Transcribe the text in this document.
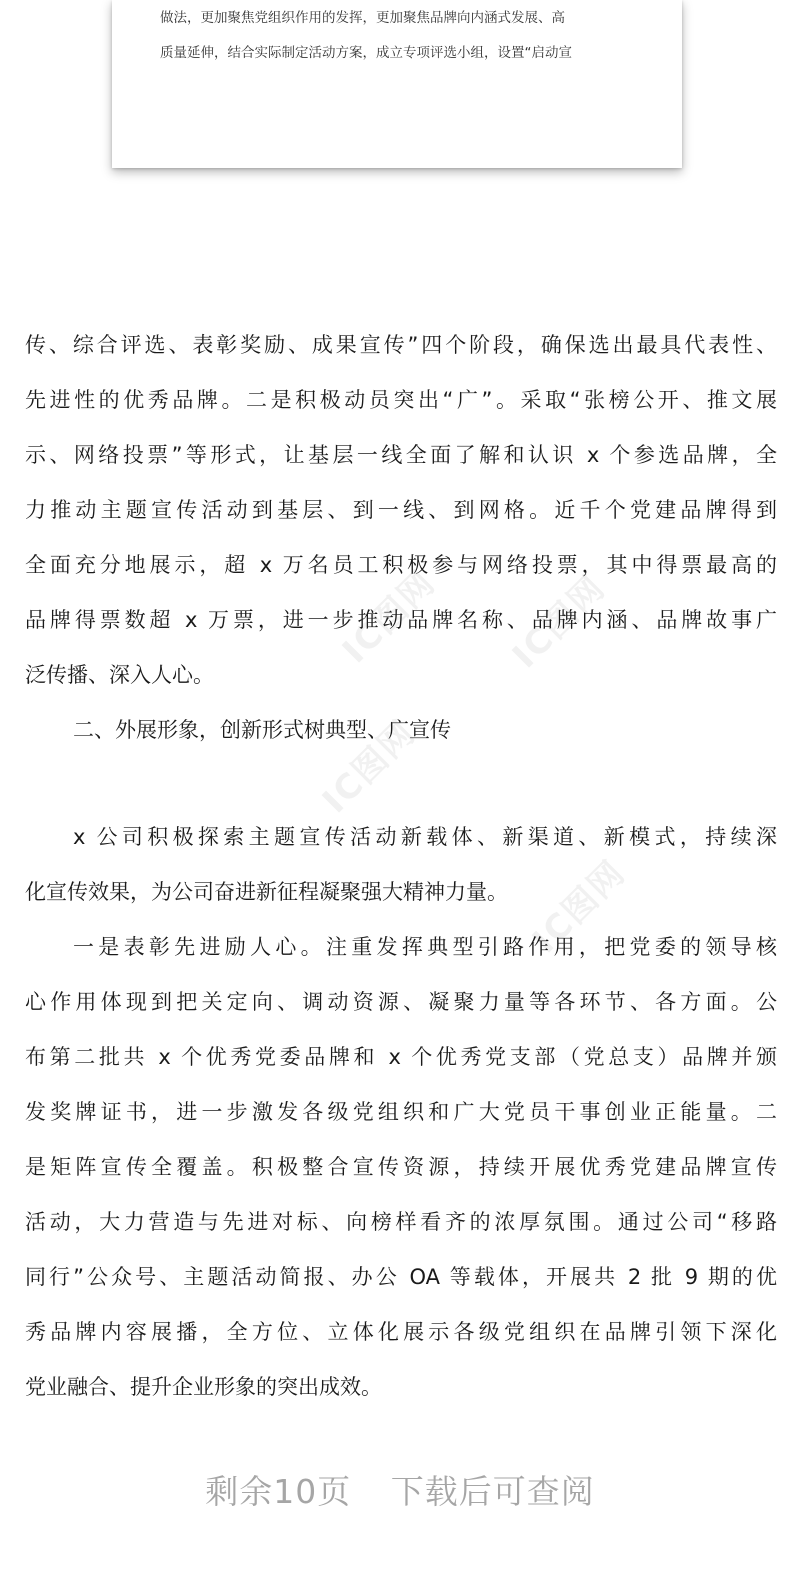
做法，更加聚焦党组织作用的发挥，更加聚焦品牌向内涵式发展、高

质量延伸，结合实际制定活动方案，成立专项评选小组，设置“启动宣

IC图网 IC图网
IC图网
IC图网
传、综合评选、表彰奖励、成果宣传”四个阶段，确保选出最具代表性、
先进性的优秀品牌。二是积极动员突出“广”。采取“张榜公开、推文展
示、网络投票”等形式，让基层一线全面了解和认识 x 个参选品牌，全
力推动主题宣传活动到基层、到一线、到网格。近千个党建品牌得到
全面充分地展示，超 x 万名员工积极参与网络投票，其中得票最高的
品牌得票数超 x 万票，进一步推动品牌名称、品牌内涵、品牌故事广
泛传播、深入人心。
二、外展形象，创新形式树典型、广宣传
x 公司积极探索主题宣传活动新载体、新渠道、新模式，持续深
化宣传效果，为公司奋进新征程凝聚强大精神力量。
一是表彰先进励人心。注重发挥典型引路作用，把党委的领导核
心作用体现到把关定向、调动资源、凝聚力量等各环节、各方面。公
布第二批共 x 个优秀党委品牌和 x 个优秀党支部（党总支）品牌并颁
发奖牌证书，进一步激发各级党组织和广大党员干事创业正能量。二
是矩阵宣传全覆盖。积极整合宣传资源，持续开展优秀党建品牌宣传
活动，大力营造与先进对标、向榜样看齐的浓厚氛围。通过公司“移路
同行”公众号、主题活动简报、办公 OA 等载体，开展共 2 批 9 期的优
秀品牌内容展播，全方位、立体化展示各级党组织在品牌引领下深化
党业融合、提升企业形象的突出成效。
剩余10页 下载后可查阅
